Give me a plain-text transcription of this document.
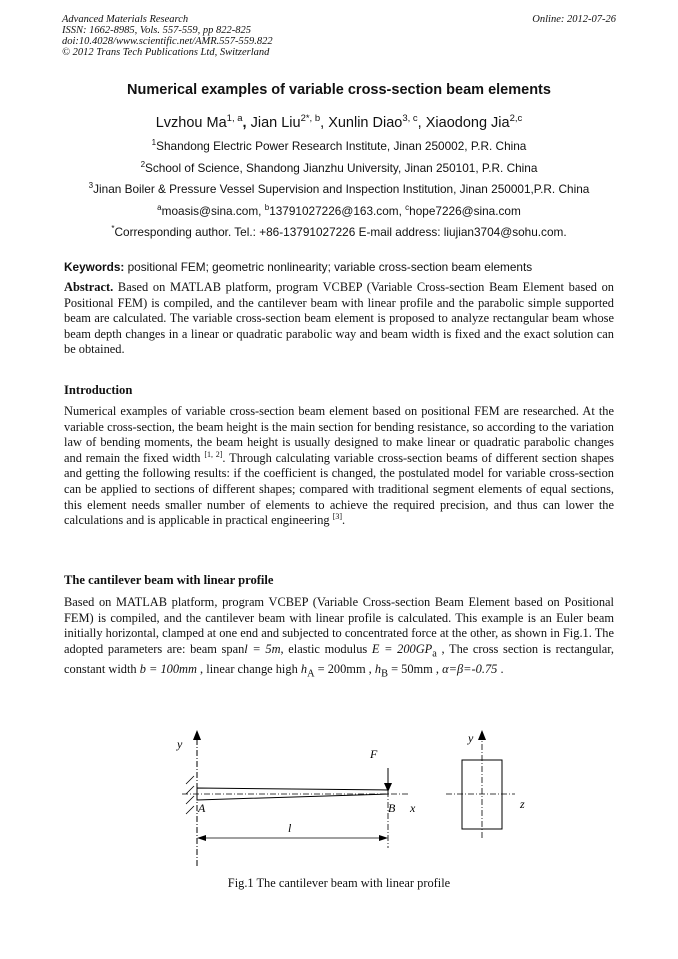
Advanced Materials Research
ISSN: 1662-8985, Vols. 557-559, pp 822-825
doi:10.4028/www.scientific.net/AMR.557-559.822
© 2012 Trans Tech Publications Ltd, Switzerland
Online: 2012-07-26
Numerical examples of variable cross-section beam elements
Lvzhou Ma$^{1, a}$, Jian Liu$^{2*, b}$, Xunlin Diao$^{3, c}$, Xiaodong Jia$^{2,c}$
$^1$Shandong Electric Power Research Institute, Jinan 250002, P.R. China
$^2$School of Science, Shandong Jianzhu University, Jinan 250101, P.R. China
$^3$Jinan Boiler & Pressure Vessel Supervision and Inspection Institution, Jinan 250001,P.R. China
$^a$moasis@sina.com, $^b$13791027226@163.com, $^c$hope7226@sina.com
*Corresponding author. Tel.: +86-13791027226 E-mail address: liujian3704@sohu.com.
Keywords: positional FEM; geometric nonlinearity; variable cross-section beam elements
Abstract. Based on MATLAB platform, program VCBEP (Variable Cross-section Beam Element based on Positional FEM) is compiled, and the cantilever beam with linear profile and the parabolic simple supported beam are calculated. The variable cross-section beam element is proposed to analyze rectangular beam whose beam depth changes in a linear or quadratic parabolic way and beam width is fixed and the exact solution can be obtained.
Introduction
Numerical examples of variable cross-section beam element based on positional FEM are researched. At the variable cross-section, the beam height is the main section for bending resistance, so according to the variation law of bending moments, the beam height is usually designed to make linear or quadratic parabolic changes and remain the fixed width [1, 2]. Through calculating variable cross-section beams of different section shapes and getting the following results: if the coefficient is changed, the postulated model for variable cross-section can be applied to sections of different shapes; compared with traditional segment elements of equal sections, this element needs smaller number of elements to achieve the required precision, and thus can lower the calculations and is applicable in practical engineering [3].
The cantilever beam with linear profile
Based on MATLAB platform, program VCBEP (Variable Cross-section Beam Element based on Positional FEM) is compiled, and the cantilever beam with linear profile is calculated. This example is an Euler beam initially horizontal, clamped at one end and subjected to concentrated force at the other, as shown in Fig.1. The adopted parameters are: beam spanl = 5m, elastic modulus $E = 200GP_a$ , The cross section is rectangular, constant width b = 100mm , linear change high $h_A = 200mm$ , $h_B = 50mm$ , α=β=-0.75 .
y
F
A	B x
l
y
z
Fig.1 The cantilever beam with linear profile
